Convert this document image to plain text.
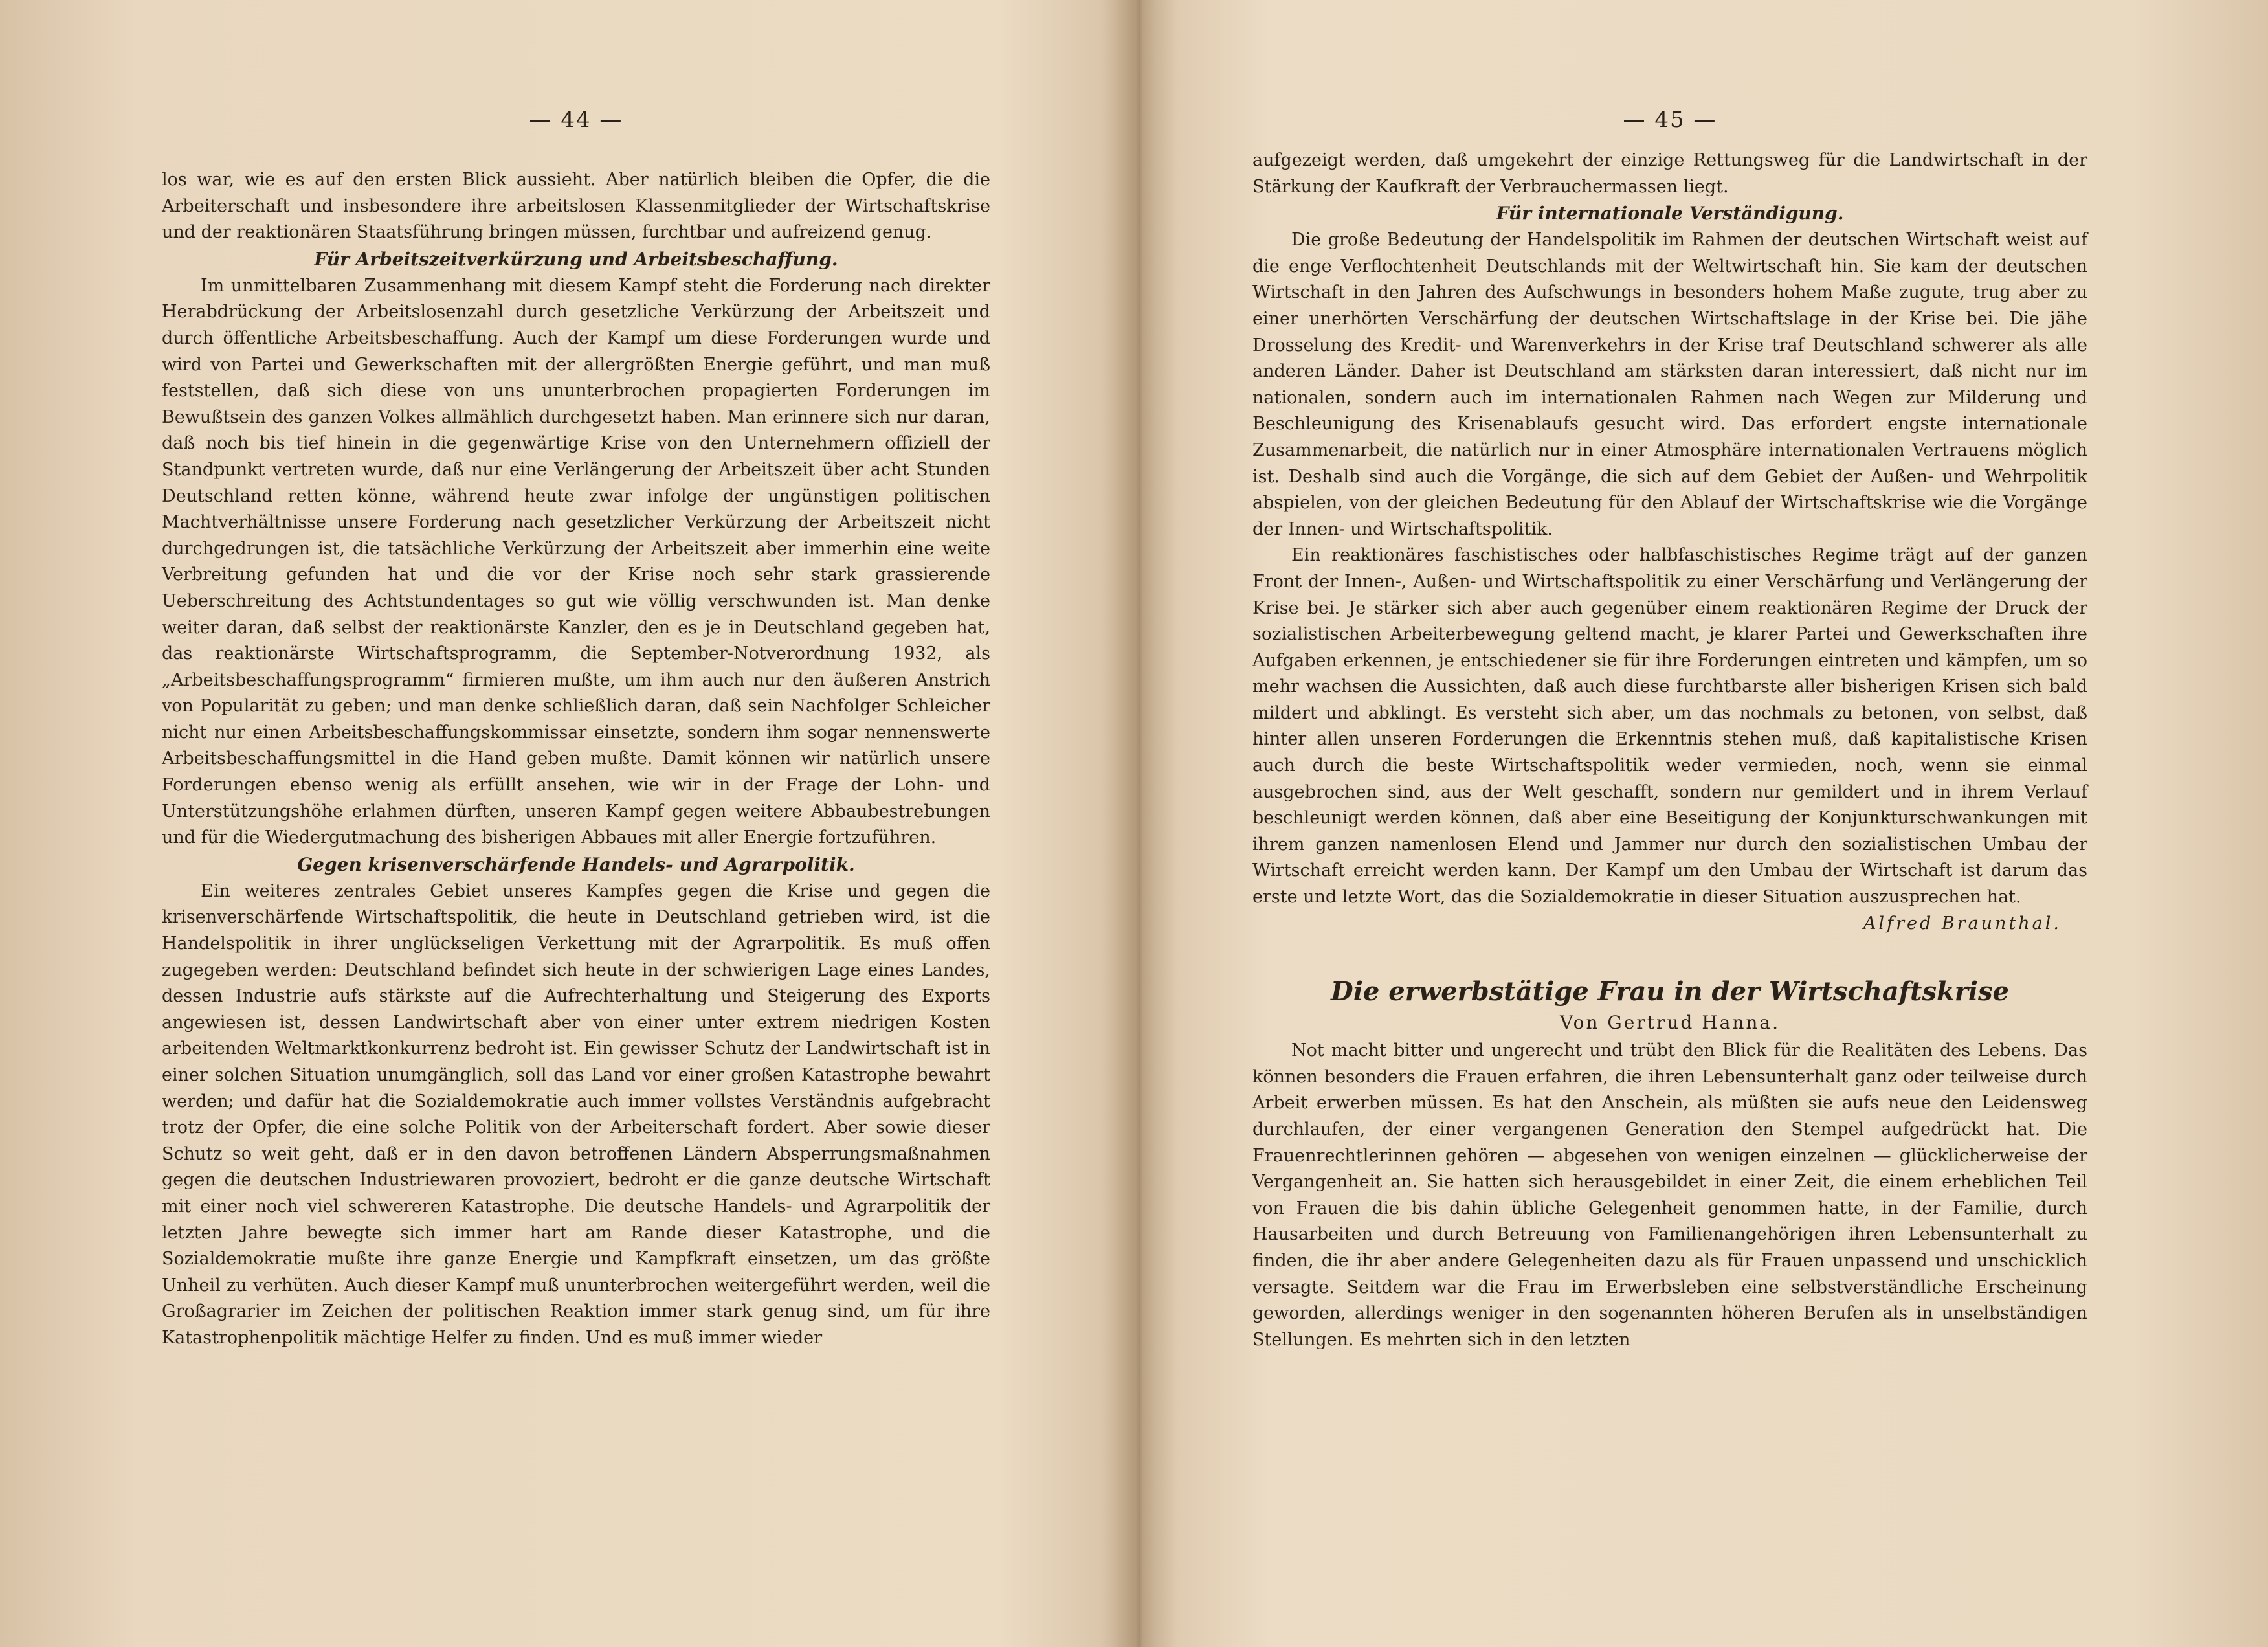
— 44 —

los war, wie es auf den ersten Blick aussieht. Aber natürlich bleiben die Opfer, die die Arbeiterschaft und insbesondere ihre arbeitslosen Klassenmitglieder der Wirtschaftskrise und der reaktionären Staatsführung bringen müssen, furchtbar und aufreizend genug.

Für Arbeitszeitverkürzung und Arbeitsbeschaffung.

Im unmittelbaren Zusammenhang mit diesem Kampf steht die Forderung nach direkter Herabdrückung der Arbeitslosenzahl durch gesetzliche Verkürzung der Arbeitszeit und durch öffentliche Arbeitsbeschaffung. Auch der Kampf um diese Forderungen wurde und wird von Partei und Gewerkschaften mit der allergrößten Energie geführt, und man muß feststellen, daß sich diese von uns ununterbrochen propagierten Forderungen im Bewußtsein des ganzen Volkes allmählich durchgesetzt haben. Man erinnere sich nur daran, daß noch bis tief hinein in die gegenwärtige Krise von den Unternehmern offiziell der Standpunkt vertreten wurde, daß nur eine Verlängerung der Arbeitszeit über acht Stunden Deutschland retten könne, während heute zwar infolge der ungünstigen politischen Machtverhältnisse unsere Forderung nach gesetzlicher Verkürzung der Arbeitszeit nicht durchgedrungen ist, die tatsächliche Verkürzung der Arbeitszeit aber immerhin eine weite Verbreitung gefunden hat und die vor der Krise noch sehr stark grassierende Ueberschreitung des Achtstundentages so gut wie völlig verschwunden ist. Man denke weiter daran, daß selbst der reaktionärste Kanzler, den es je in Deutschland gegeben hat, das reaktionärste Wirtschaftsprogramm, die September-Notverordnung 1932, als „Arbeitsbeschaffungsprogramm“ firmieren mußte, um ihm auch nur den äußeren Anstrich von Popularität zu geben; und man denke schließlich daran, daß sein Nachfolger Schleicher nicht nur einen Arbeitsbeschaffungskommissar einsetzte, sondern ihm sogar nennenswerte Arbeitsbeschaffungsmittel in die Hand geben mußte. Damit können wir natürlich unsere Forderungen ebenso wenig als erfüllt ansehen, wie wir in der Frage der Lohn- und Unterstützungshöhe erlahmen dürften, unseren Kampf gegen weitere Abbaubestrebungen und für die Wiedergutmachung des bisherigen Abbaues mit aller Energie fortzuführen.

Gegen krisenverschärfende Handels- und Agrarpolitik.

Ein weiteres zentrales Gebiet unseres Kampfes gegen die Krise und gegen die krisenverschärfende Wirtschaftspolitik, die heute in Deutschland getrieben wird, ist die Handelspolitik in ihrer unglückseligen Verkettung mit der Agrarpolitik. Es muß offen zugegeben werden: Deutschland befindet sich heute in der schwierigen Lage eines Landes, dessen Industrie aufs stärkste auf die Aufrechterhaltung und Steigerung des Exports angewiesen ist, dessen Landwirtschaft aber von einer unter extrem niedrigen Kosten arbeitenden Weltmarktkonkurrenz bedroht ist. Ein gewisser Schutz der Landwirtschaft ist in einer solchen Situation unumgänglich, soll das Land vor einer großen Katastrophe bewahrt werden; und dafür hat die Sozialdemokratie auch immer vollstes Verständnis aufgebracht trotz der Opfer, die eine solche Politik von der Arbeiterschaft fordert. Aber sowie dieser Schutz so weit geht, daß er in den davon betroffenen Ländern Absperrungsmaßnahmen gegen die deutschen Industriewaren provoziert, bedroht er die ganze deutsche Wirtschaft mit einer noch viel schwereren Katastrophe. Die deutsche Handels- und Agrarpolitik der letzten Jahre bewegte sich immer hart am Rande dieser Katastrophe, und die Sozialdemokratie mußte ihre ganze Energie und Kampfkraft einsetzen, um das größte Unheil zu verhüten. Auch dieser Kampf muß ununterbrochen weitergeführt werden, weil die Großagrarier im Zeichen der politischen Reaktion immer stark genug sind, um für ihre Katastrophenpolitik mächtige Helfer zu finden. Und es muß immer wieder

— 45 —

aufgezeigt werden, daß umgekehrt der einzige Rettungsweg für die Landwirtschaft in der Stärkung der Kaufkraft der Verbrauchermassen liegt.

Für internationale Verständigung.

Die große Bedeutung der Handelspolitik im Rahmen der deutschen Wirtschaft weist auf die enge Verflochtenheit Deutschlands mit der Weltwirtschaft hin. Sie kam der deutschen Wirtschaft in den Jahren des Aufschwungs in besonders hohem Maße zugute, trug aber zu einer unerhörten Verschärfung der deutschen Wirtschaftslage in der Krise bei. Die jähe Drosselung des Kredit- und Warenverkehrs in der Krise traf Deutschland schwerer als alle anderen Länder. Daher ist Deutschland am stärksten daran interessiert, daß nicht nur im nationalen, sondern auch im internationalen Rahmen nach Wegen zur Milderung und Beschleunigung des Krisenablaufs gesucht wird. Das erfordert engste internationale Zusammenarbeit, die natürlich nur in einer Atmosphäre internationalen Vertrauens möglich ist. Deshalb sind auch die Vorgänge, die sich auf dem Gebiet der Außen- und Wehrpolitik abspielen, von der gleichen Bedeutung für den Ablauf der Wirtschaftskrise wie die Vorgänge der Innen- und Wirtschaftspolitik.

Ein reaktionäres faschistisches oder halbfaschistisches Regime trägt auf der ganzen Front der Innen-, Außen- und Wirtschaftspolitik zu einer Verschärfung und Verlängerung der Krise bei. Je stärker sich aber auch gegenüber einem reaktionären Regime der Druck der sozialistischen Arbeiterbewegung geltend macht, je klarer Partei und Gewerkschaften ihre Aufgaben erkennen, je entschiedener sie für ihre Forderungen eintreten und kämpfen, um so mehr wachsen die Aussichten, daß auch diese furchtbarste aller bisherigen Krisen sich bald mildert und abklingt. Es versteht sich aber, um das nochmals zu betonen, von selbst, daß hinter allen unseren Forderungen die Erkenntnis stehen muß, daß kapitalistische Krisen auch durch die beste Wirtschaftspolitik weder vermieden, noch, wenn sie einmal ausgebrochen sind, aus der Welt geschafft, sondern nur gemildert und in ihrem Verlauf beschleunigt werden können, daß aber eine Beseitigung der Konjunkturschwankungen mit ihrem ganzen namenlosen Elend und Jammer nur durch den sozialistischen Umbau der Wirtschaft erreicht werden kann. Der Kampf um den Umbau der Wirtschaft ist darum das erste und letzte Wort, das die Sozialdemokratie in dieser Situation auszusprechen hat.

Alfred Braunthal.

Die erwerbstätige Frau in der Wirtschaftskrise

Von Gertrud Hanna.

Not macht bitter und ungerecht und trübt den Blick für die Realitäten des Lebens. Das können besonders die Frauen erfahren, die ihren Lebensunterhalt ganz oder teilweise durch Arbeit erwerben müssen. Es hat den Anschein, als müßten sie aufs neue den Leidensweg durchlaufen, der einer vergangenen Generation den Stempel aufgedrückt hat. Die Frauenrechtlerinnen gehören — abgesehen von wenigen einzelnen — glücklicherweise der Vergangenheit an. Sie hatten sich herausgebildet in einer Zeit, die einem erheblichen Teil von Frauen die bis dahin übliche Gelegenheit genommen hatte, in der Familie, durch Hausarbeiten und durch Betreuung von Familienangehörigen ihren Lebensunterhalt zu finden, die ihr aber andere Gelegenheiten dazu als für Frauen unpassend und unschicklich versagte. Seitdem war die Frau im Erwerbsleben eine selbstverständliche Erscheinung geworden, allerdings weniger in den sogenannten höheren Berufen als in unselbständigen Stellungen. Es mehrten sich in den letzten
